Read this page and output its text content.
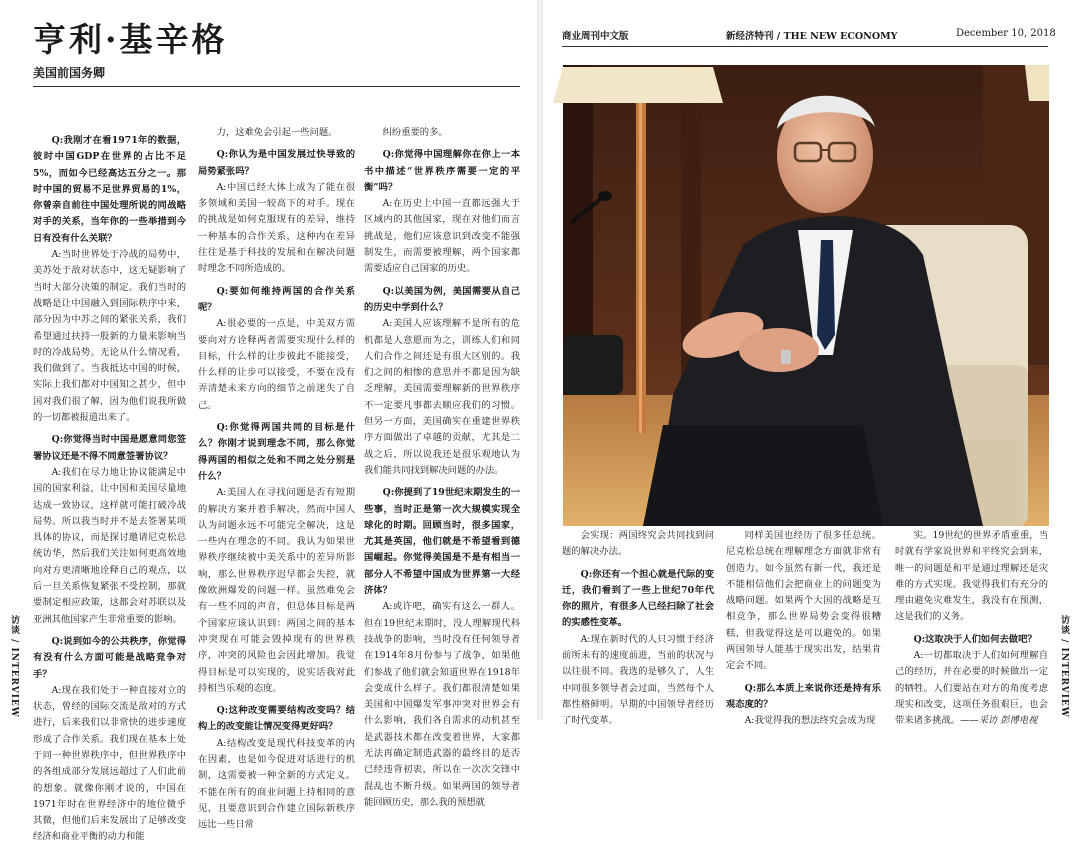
亨利·基辛格
美国前国务卿

Q:我刚才在看1971年的数据，彼时中国GDP在世界的占比不足5%，而如今已经高达五分之一。那时中国的贸易不足世界贸易的1%，你曾亲自前往中国处理所说的同战略对手的关系，当年你的一些举措到今日有没有什么关联？

A:当时世界处于冷战的局势中，美苏处于敌对状态中，这无疑影响了当时大部分决策的制定。我们当时的战略是让中国融入到国际秩序中来，部分因为中苏之间的紧张关系，我们希望通过扶持一股新的力量来影响当时的冷战局势。无论从什么情况看，我们做到了。当我抵达中国的时候，实际上我们都对中国知之甚少，但中国对我们很了解，因为他们说我所做的一切都被报道出来了。

Q:你觉得当时中国是愿意同您签署协议还是不得不同意签署协议？

A:我们在尽力地让协议能满足中国的国家利益，让中国和美国尽量地达成一致协议，这样就可能打破冷战局势。所以我当时并不是去签署某项具体的协议，而是探讨邀请尼克松总统访华，然后我们关注如何更高效地向对方更清晰地诠释自己的观点，以后一旦关系恢复紧张不受控制，那就要制定相应政策，这都会对苏联以及亚洲其他国家产生非常重要的影响。

Q:说到如今的公共秩序，你觉得有没有什么方面可能是战略竞争对手？

A:现在我们处于一种直接对立的状态，曾经的国际交流是敌对的方式进行，后来我们以非常快的进步速度形成了合作关系。我们现在基本上处于同一种世界秩序中，但世界秩序中的各组成部分发展远超过了人们此前的想象。就像你刚才说的，中国在1971年时在世界经济中的地位微乎其微，但他们后来发展出了足够改变经济和商业平衡的动力和能

力，这难免会引起一些问题。

Q:你认为是中国发展过快导致的局势紧张吗？

A:中国已经大体上成为了能在很多领域和美国一较高下的对手。现在的挑战是如何克服现有的差异，维持一种基本的合作关系，这种内在差异往往是基于科技的发展和在解决问题时理念不同所造成的。

Q:要如何维持两国的合作关系呢？

A:很必要的一点是，中美双方需要向对方诠释两者需要实现什么样的目标，什么样的让步彼此不能接受，什么样的让步可以接受，不要在没有弄清楚未来方向的细节之前迷失了自己。

Q:你觉得两国共同的目标是什么？你刚才说到理念不同，那么你觉得两国的相似之处和不同之处分别是什么？

A:美国人在寻找问题是否有短期的解决方案并着手解决，然而中国人认为问题永远不可能完全解决，这是一些内在理念的不同。我认为如果世界秩序继续被中美关系中的差异所影响，那么世界秩序迟早都会失控，就像欧洲爆发的问题一样。虽然难免会有一些不同的声音，但总体目标是两个国家应该认识到：两国之间的基本冲突现在可能会毁掉现有的世界秩序，冲突的风险也会因此增加。我觉得目标是可以实现的，说实话我对此持相当乐观的态度。

Q:这种改变需要结构改变吗？结构上的改变能让情况变得更好吗？

A:结构改变是现代科技变革的内在因素，也是如今促进对话进行的机制，这需要被一种全新的方式定义。不能在所有的商业问题上持相同的意见，且要意识到合作建立国际新秩序远比一些日常

纠纷重要的多。

Q:你觉得中国理解你在你上一本书中描述“世界秩序需要一定的平衡”吗？

A:在历史上中国一直都远强大于区域内的其他国家，现在对他们而言挑战是，他们应该意识到改变不能强制发生，而需要被理解，两个国家都需要适应自己国家的历史。

Q:以美国为例，美国需要从自己的历史中学到什么？

A:美国人应该理解不是所有的危机都是人意愿而为之，训练人们和同人们合作之间还是有很大区别的。我们之间的相惨的意思并不都是因为缺乏理解，美国需要理解新的世界秩序不一定要凡事都去顺应我们的习惯。但另一方面，美国确实在重建世界秩序方面做出了卓越的贡献，尤其是二战之后，所以说我还是很乐观地认为我们能共同找到解决问题的办法。

Q:你提到了19世纪末期发生的一些事，当时正是第一次大规模实现全球化的时期。回顾当时，很多国家，尤其是英国，他们就是不希望看到德国崛起。你觉得美国是不是有相当一部分人不希望中国成为世界第一大经济体？

A:或许吧，确实有这么一群人。但在19世纪末期时，没人理解现代科技战争的影响，当时没有任何领导者在1914年8月份参与了战争，如果他们参战了他们就会知道世界在1918年会变成什么样子。我们都很清楚如果美国和中国爆发军事冲突对世界会有什么影响，我们各自需求的动机甚至是武器技术都在改变着世界，大家都无法再确定制造武器的最终目的是否已经违背初衷，所以在一次次交锋中混乱也不断升级。如果两国的领导者能回顾历史，那么我的预想就

访谈 / INTERVIEW
商业周刊中文版	新经济特刊 / THE NEW ECONOMY	December 10, 2018

会实现：两国终究会共同找到问题的解决办法。

Q:你还有一个担心就是代际的变迁，我们看到了一些上世纪70年代你的照片，有很多人已经扫除了社会的实感性变革。

A:现在新时代的人只习惯于经济前所未有的速度前进，当前的状况与以往很不同。我选的是够久了，人生中同很多领导者会过面，当然每个人都性格鲜明。早期的中国领导者经历了时代变革。

同样美国也经历了很多任总统。尼克松总统在理解理念方面就非常有创造力。如今虽然有新一代，我还是不能相信他们会把商业上的问题变为战略问题。如果两个大国的战略是互相竞争，那么世界局势会变得很糟糕，但我觉得这是可以避免的。如果两国领导人能基于现实出发，结果肯定会不同。

Q:那么本质上来说你还是持有乐观态度的？

A:我觉得我的想法终究会成为现

实。19世纪的世界矛盾重重，当时就有学家说世界和平终究会到来，唯一的问题是和平是通过理解还是灾难的方式实现。我觉得我们有充分的理由避免灾难发生，我没有在预测，这是我们的义务。

Q:这取决于人们如何去做吧？

A:一切都取决于人们如何理解自己的经历，并在必要的时候做出一定的牺牲。人们要站在对方的角度考虑现实和改变，这项任务很艰巨，也会带来诸多挑战。——采访 彭博电视

访谈 / INTERVIEW
